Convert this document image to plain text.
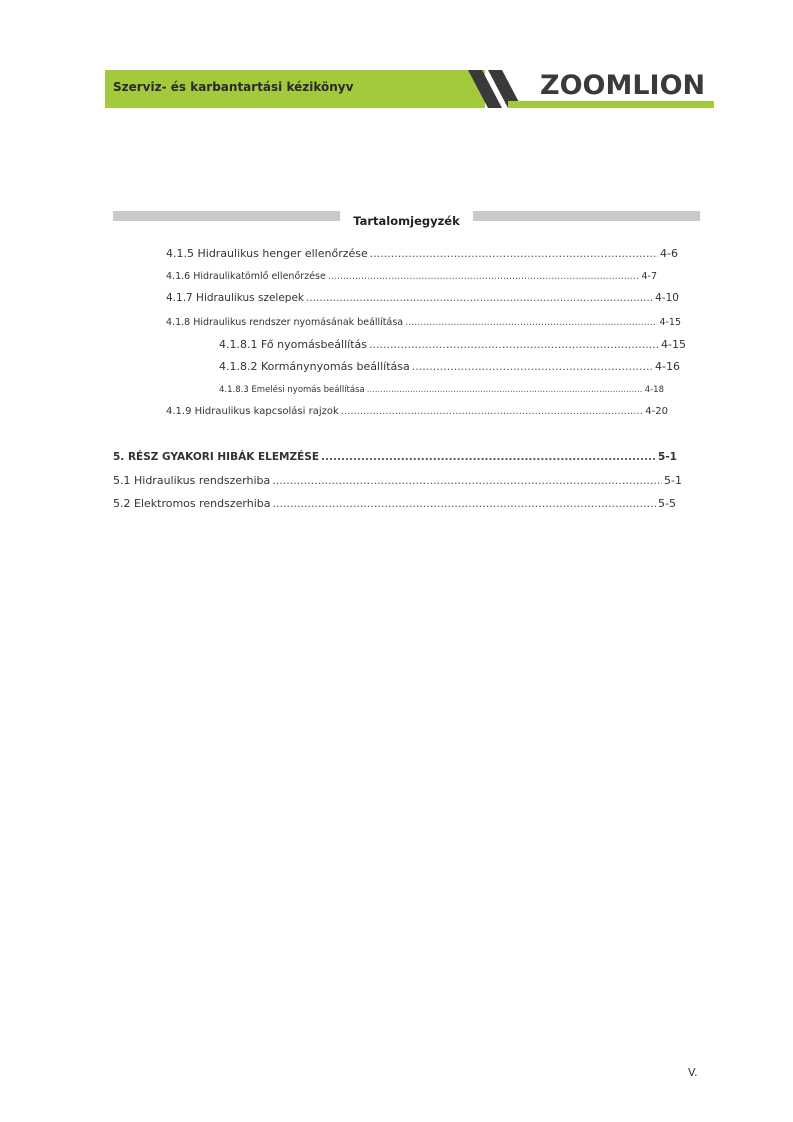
Szerviz- és karbantartási kézikönyv	ZOOMLION
Tartalomjegyzék
4.1.5 Hidraulikus henger ellenőrzése .....	4-6
4.1.6 Hidraulikatömlő ellenőrzése .....	4-7
4.1.7 Hidraulikus szelepek .....	4-10
4.1.8 Hidraulikus rendszer nyomásának beállítása .....	4-15
4.1.8.1 Fő nyomásbeállítás .....	4-15
4.1.8.2 Kormánynyomás beállítása .....	4-16
4.1.8.3 Emelési nyomás beállítása .....	4-18
4.1.9 Hidraulikus kapcsolási rajzok .....	4-20
5. RÉSZ GYAKORI HIBÁK ELEMZÉSE .....	5-1
5.1 Hidraulikus rendszerhiba .....	5-1
5.2 Elektromos rendszerhiba .....	5-5
V.
